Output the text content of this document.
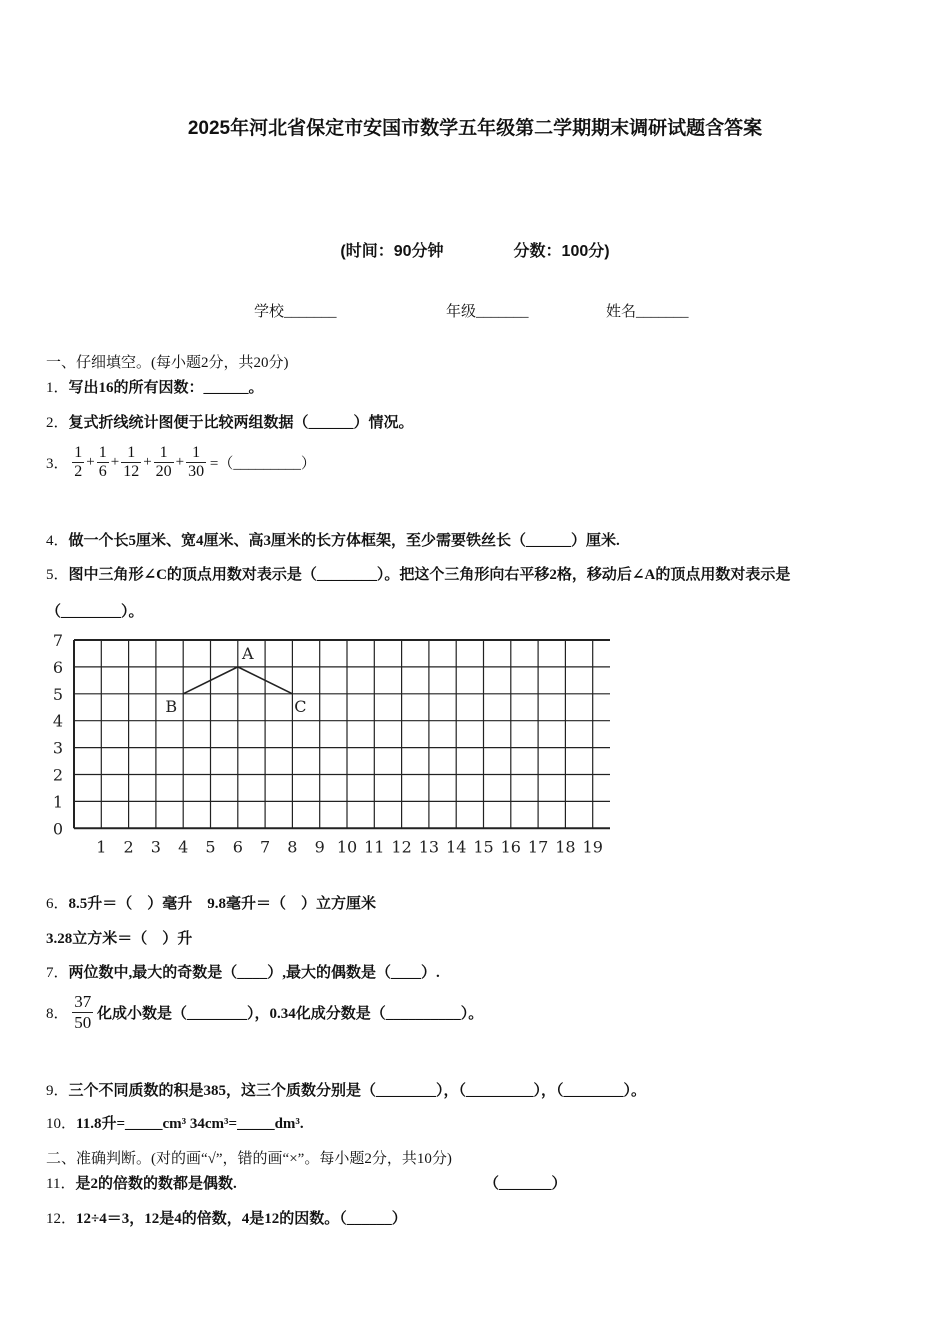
2025年河北省保定市安国市数学五年级第二学期期末调研试题含答案
(时间：90分钟	分数：100分)
学校_______	年级_______	姓名_______
一、仔细填空。(每小题2分，共20分)
1．写出16的所有因数：______。
2．复式折线统计图便于比较两组数据（______）情况。
3． $\frac{1}{2} + \frac{1}{6} + \frac{1}{12} + \frac{1}{20} + \frac{1}{30}$ =（_________）
4．做一个长5厘米、宽4厘米、高3厘米的长方体框架，至少需要铁丝长（______）厘米.
5．图中三角形∠C的顶点用数对表示是（________）。把这个三角形向右平移2格，移动后∠A的顶点用数对表示是
（________）。
0
1
2
3
4
5
6
7
1 2 3 4 5 6 7 8 9 10 11 12 13 14 15 16 17 18 19
A
B	C
6．8.5升＝（　）毫升　9.8毫升＝（　）立方厘米
3.28立方米＝（　）升
7．两位数中,最大的奇数是（____）,最大的偶数是（____）.
8． $\frac{37}{50}$ 化成小数是（________），0.34化成分数是（__________）。
9．三个不同质数的积是385，这三个质数分别是（________），（_________），（________）。
10．11.8升=_____cm³ 34cm³=_____dm³.
二、准确判断。(对的画“√”，错的画“×”。每小题2分，共10分)
11．是2的倍数的数都是偶数.	（_______）
12．12÷4＝3，12是4的倍数，4是12的因数。（______）
